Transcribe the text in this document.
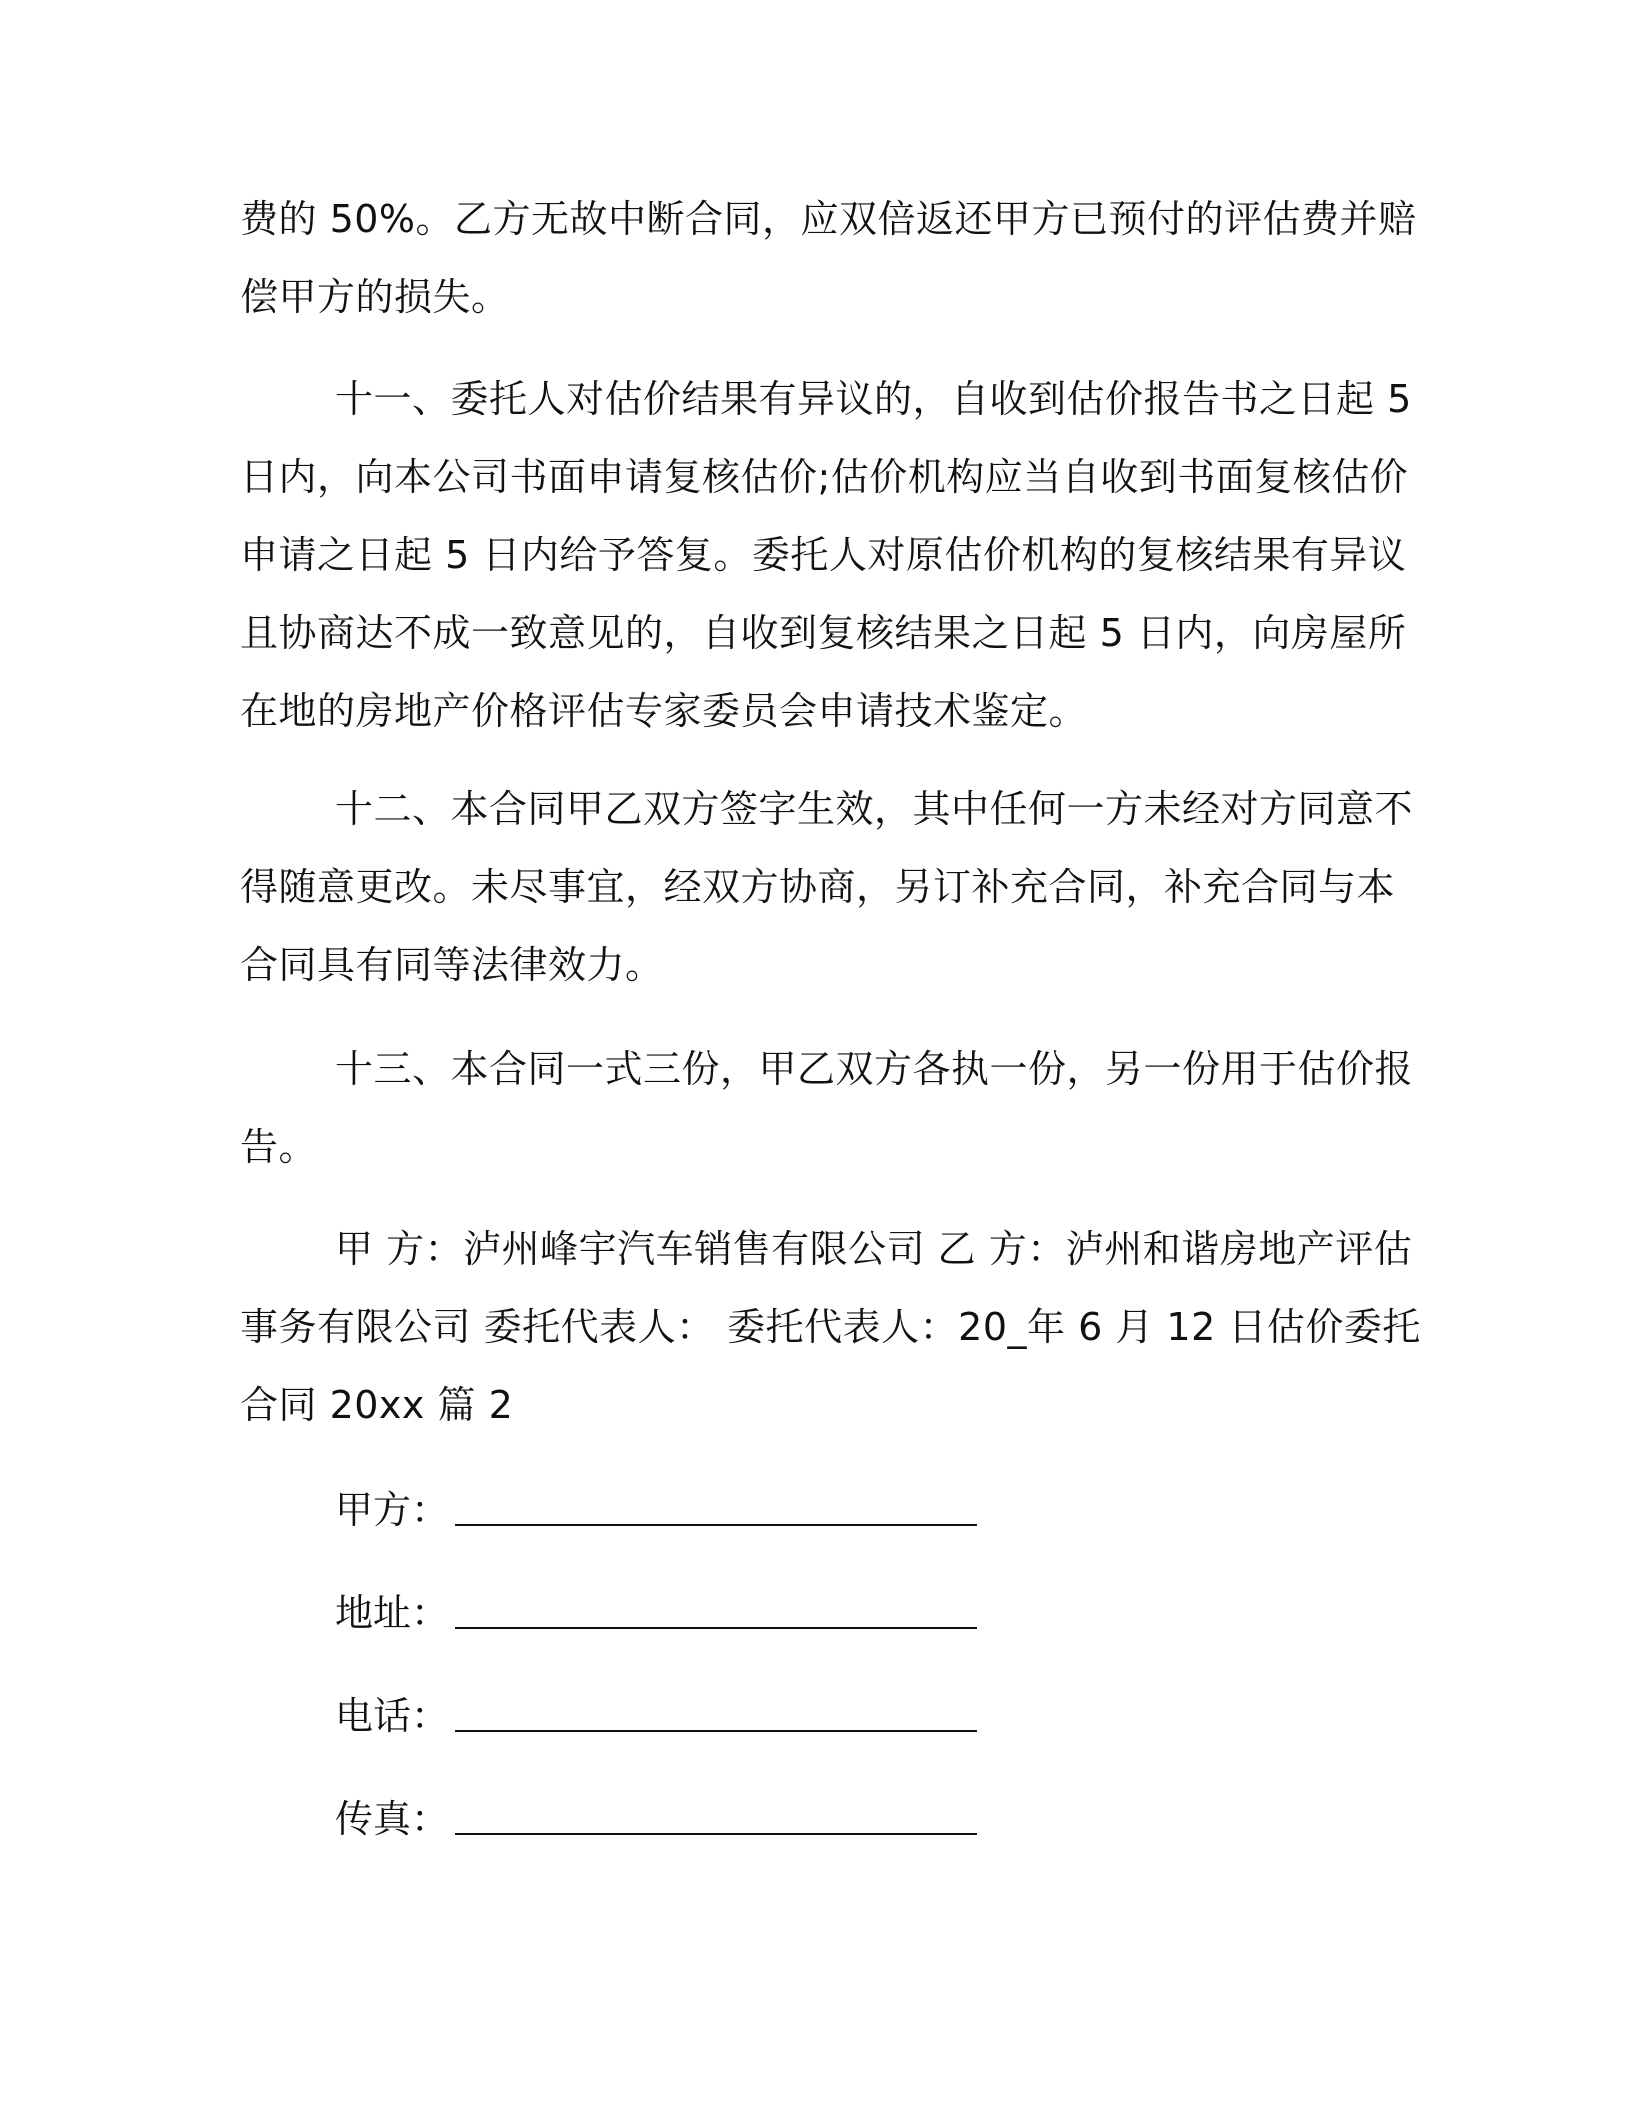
费的 50%。乙方无故中断合同，应双倍返还甲方已预付的评估费并赔
偿甲方的损失。
十一、委托人对估价结果有异议的，自收到估价报告书之日起 5
日内，向本公司书面申请复核估价;估价机构应当自收到书面复核估价
申请之日起 5 日内给予答复。委托人对原估价机构的复核结果有异议
且协商达不成一致意见的，自收到复核结果之日起 5 日内，向房屋所
在地的房地产价格评估专家委员会申请技术鉴定。
十二、本合同甲乙双方签字生效，其中任何一方未经对方同意不
得随意更改。未尽事宜，经双方协商，另订补充合同，补充合同与本
合同具有同等法律效力。
十三、本合同一式三份，甲乙双方各执一份，另一份用于估价报
告。
甲 方：泸州峰宇汽车销售有限公司 乙 方：泸州和谐房地产评估
事务有限公司 委托代表人： 委托代表人：20_年 6 月 12 日估价委托
合同 20xx 篇 2
甲方：
地址：
电话：
传真：
